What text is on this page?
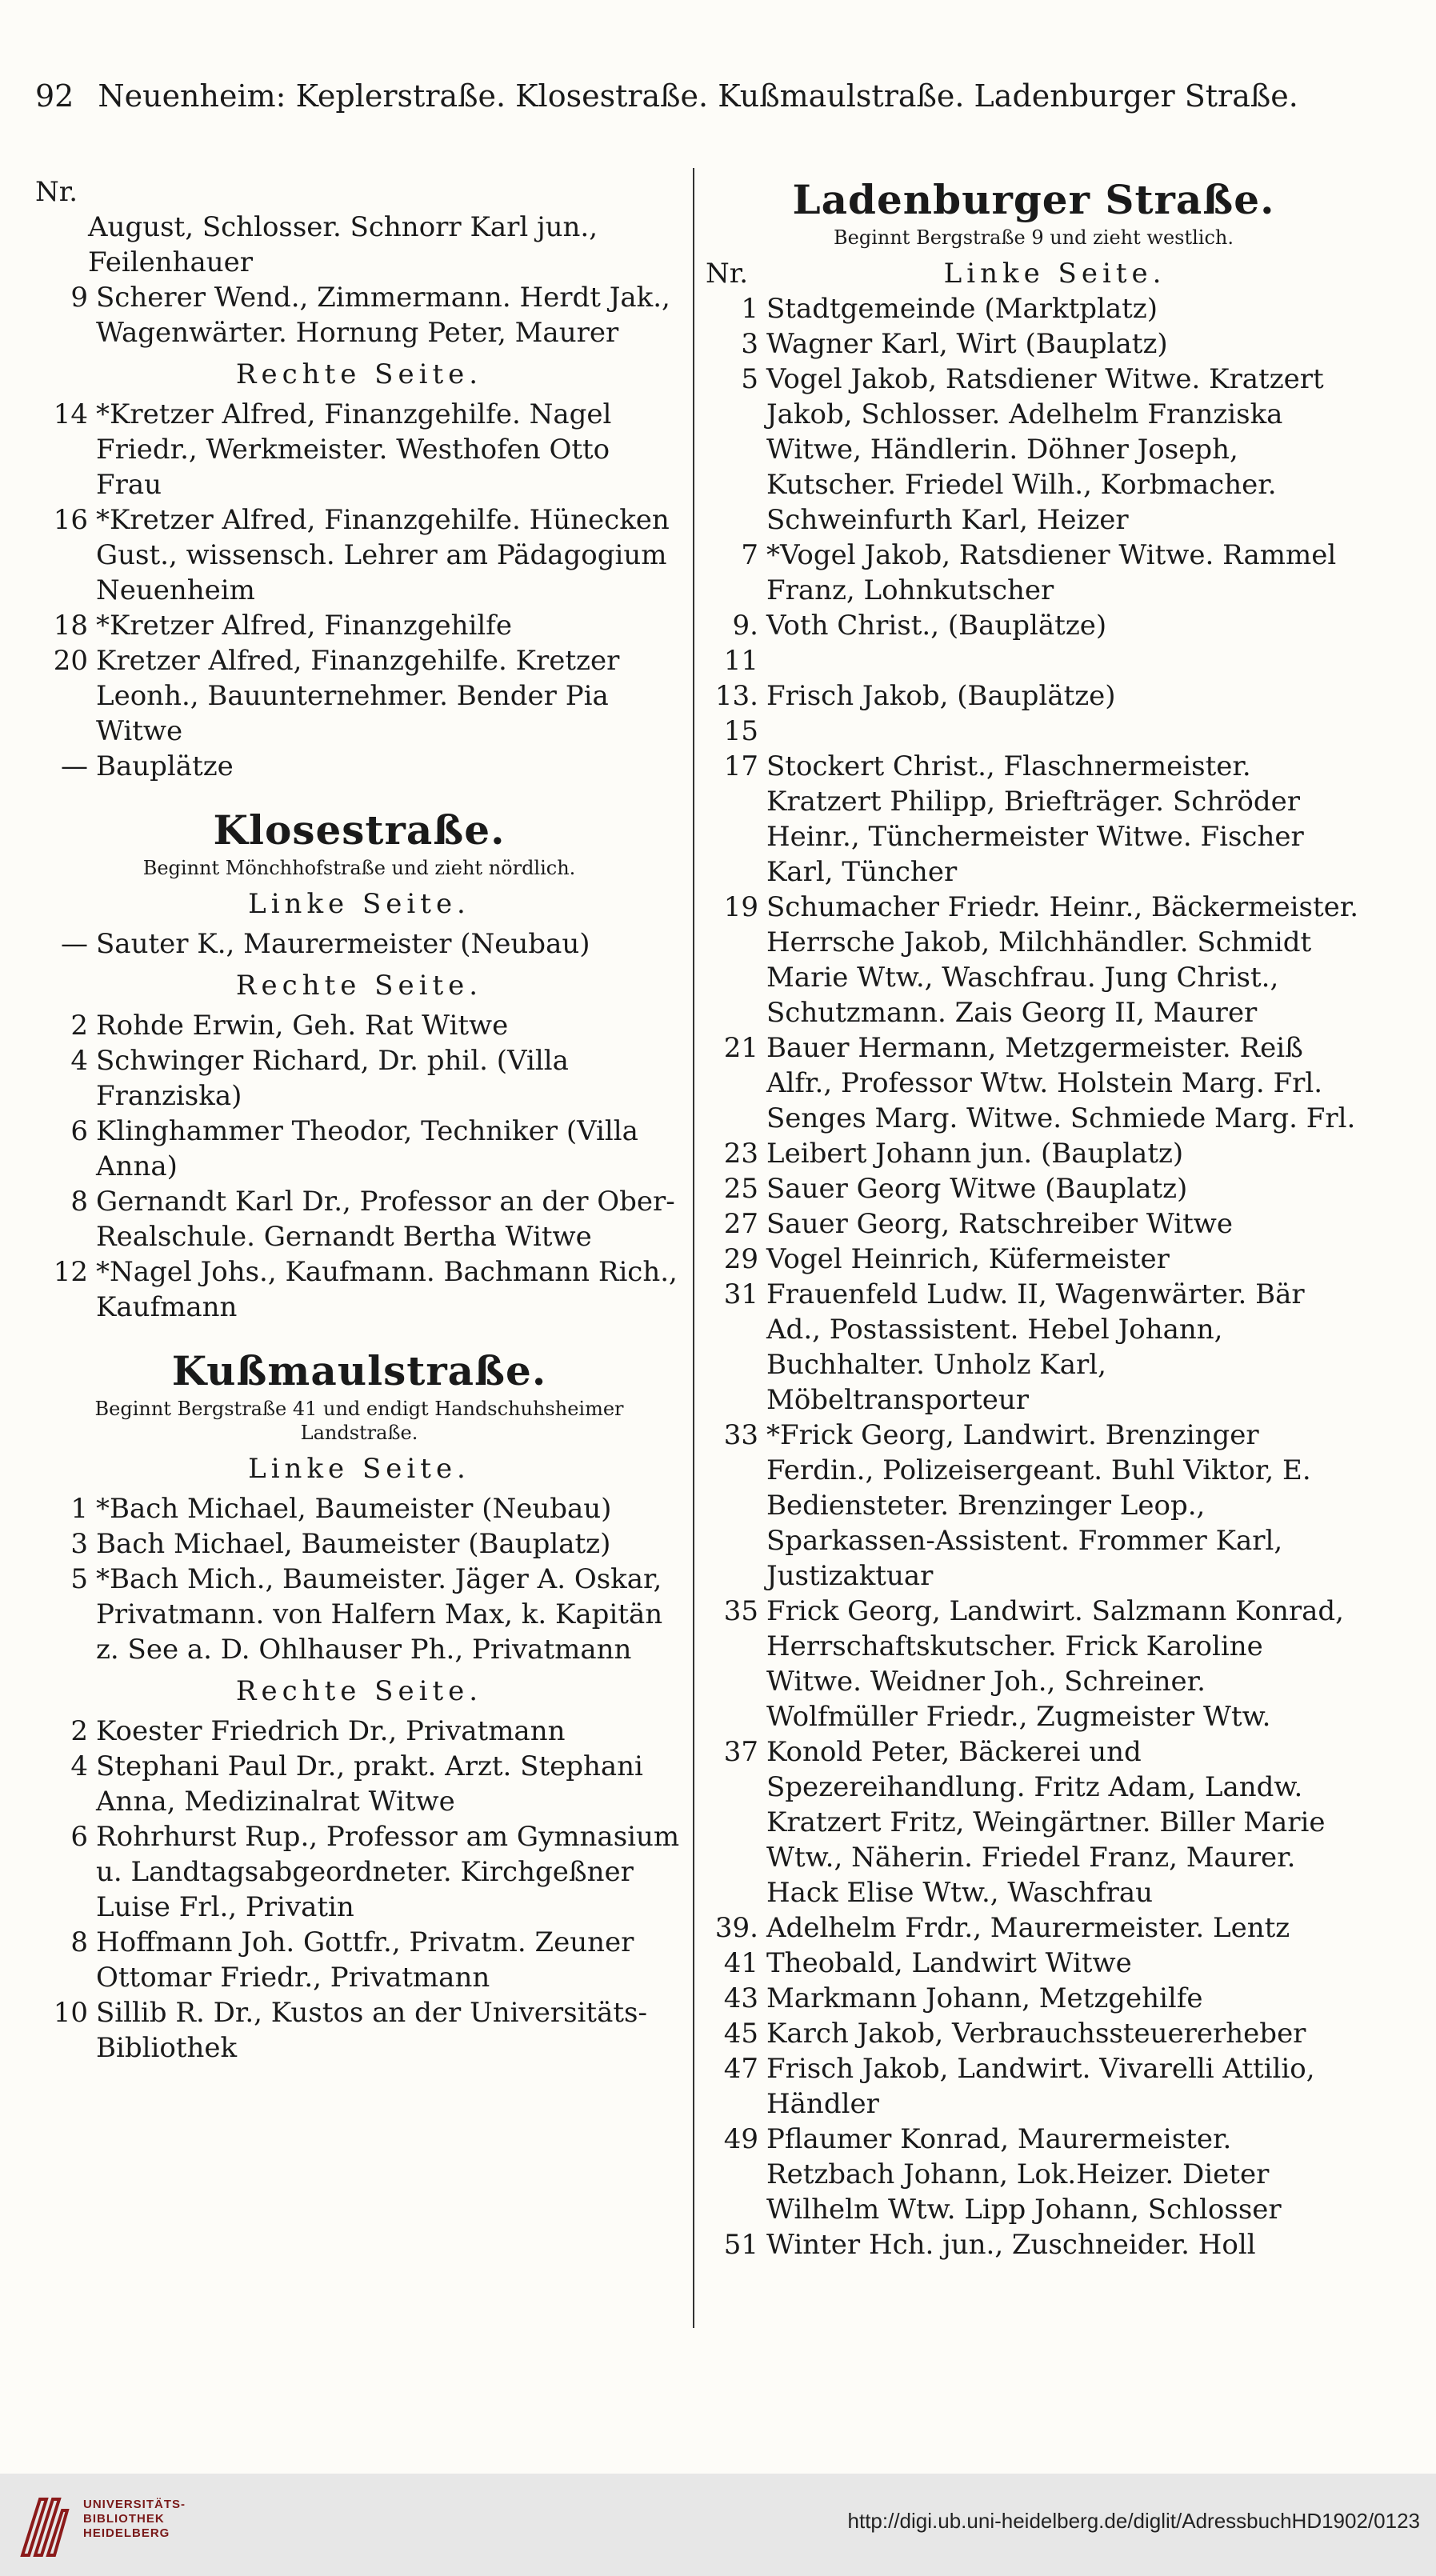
92 Neuenheim: Keplerstraße. Klosestraße. Kußmaulstraße. Ladenburger Straße.
Nr.
August, Schlosser. Schnorr Karl jun.,
Feilenhauer
9 Scherer Wend., Zimmermann. Herdt Jak., Wagenwärter. Hornung Peter, Maurer
Rechte Seite.
14 *Kretzer Alfred, Finanzgehilfe. Nagel Friedr., Werkmeister. Westhofen Otto Frau
16 *Kretzer Alfred, Finanzgehilfe. Hünecken Gust., wissensch. Lehrer am Pädagogium Neuenheim
18 *Kretzer Alfred, Finanzgehilfe
20 Kretzer Alfred, Finanzgehilfe. Kretzer Leonh., Bauunternehmer. Bender Pia Witwe
— Bauplätze
Klosestraße.
Beginnt Mönchhofstraße und zieht nördlich.
Linke Seite.
— Sauter K., Maurermeister (Neubau)
Rechte Seite.
2 Rohde Erwin, Geh. Rat Witwe
4 Schwinger Richard, Dr. phil. (Villa Franziska)
6 Klinghammer Theodor, Techniker (Villa Anna)
8 Gernandt Karl Dr., Professor an der Ober-Realschule. Gernandt Bertha Witwe
12 *Nagel Johs., Kaufmann. Bachmann Rich., Kaufmann
Kußmaulstraße.
Beginnt Bergstraße 41 und endigt Handschuhsheimer Landstraße.
Linke Seite.
1 *Bach Michael, Baumeister (Neubau)
3 Bach Michael, Baumeister (Bauplatz)
5 *Bach Mich., Baumeister. Jäger A. Oskar, Privatmann. von Halfern Max, k. Kapitän z. See a. D. Ohlhauser Ph., Privatmann
Rechte Seite.
2 Koester Friedrich Dr., Privatmann
4 Stephani Paul Dr., prakt. Arzt. Stephani Anna, Medizinalrat Witwe
6 Rohrhurst Rup., Professor am Gymnasium u. Landtagsabgeordneter. Kirchgeßner Luise Frl., Privatin
8 Hoffmann Joh. Gottfr., Privatm. Zeuner Ottomar Friedr., Privatmann
10 Sillib R. Dr., Kustos an der Universitäts-Bibliothek
Ladenburger Straße.
Beginnt Bergstraße 9 und zieht westlich.
Nr.	Linke Seite.
1 Stadtgemeinde (Marktplatz)
3 Wagner Karl, Wirt (Bauplatz)
5 Vogel Jakob, Ratsdiener Witwe. Kratzert Jakob, Schlosser. Adelhelm Franziska Witwe, Händlerin. Döhner Joseph, Kutscher. Friedel Wilh., Korbmacher. Schweinfurth Karl, Heizer
7 *Vogel Jakob, Ratsdiener Witwe. Rammel Franz, Lohnkutscher
9. 11
Voth Christ., (Bauplätze)
13. 15
Frisch Jakob, (Bauplätze)
17 Stockert Christ., Flaschnermeister. Kratzert Philipp, Briefträger. Schröder Heinr., Tünchermeister Witwe. Fischer Karl, Tüncher
19 Schumacher Friedr. Heinr., Bäckermeister. Herrsche Jakob, Milchhändler. Schmidt Marie Wtw., Waschfrau. Jung Christ., Schutzmann. Zais Georg II, Maurer
21 Bauer Hermann, Metzgermeister. Reiß Alfr., Professor Wtw. Holstein Marg. Frl. Senges Marg. Witwe. Schmiede Marg. Frl.
23 Leibert Johann jun. (Bauplatz)
25 Sauer Georg Witwe (Bauplatz)
27 Sauer Georg, Ratschreiber Witwe
29 Vogel Heinrich, Küfermeister
31 Frauenfeld Ludw. II, Wagenwärter. Bär Ad., Postassistent. Hebel Johann, Buchhalter. Unholz Karl, Möbeltransporteur
33 *Frick Georg, Landwirt. Brenzinger Ferdin., Polizeisergeant. Buhl Viktor, E. Bediensteter. Brenzinger Leop., Sparkassen-Assistent. Frommer Karl, Justizaktuar
35 Frick Georg, Landwirt. Salzmann Konrad, Herrschaftskutscher. Frick Karoline Witwe. Weidner Joh., Schreiner. Wolfmüller Friedr., Zugmeister Wtw.
37 Konold Peter, Bäckerei und Spezereihandlung. Fritz Adam, Landw. Kratzert Fritz, Weingärtner. Biller Marie Wtw., Näherin. Friedel Franz, Maurer. Hack Elise Wtw., Waschfrau
39. 41
Adelhelm Frdr., Maurermeister. Lentz Theobald, Landwirt Witwe
43 Markmann Johann, Metzgehilfe
45 Karch Jakob, Verbrauchssteuererheber
47 Frisch Jakob, Landwirt. Vivarelli Attilio, Händler
49 Pflaumer Konrad, Maurermeister. Retzbach Johann, Lok.Heizer. Dieter Wilhelm Wtw. Lipp Johann, Schlosser
51 Winter Hch. jun., Zuschneider. Holl
UNIVERSITÄTS-
BIBLIOTHEK
HEIDELBERG
http://digi.ub.uni-heidelberg.de/diglit/AdressbuchHD1902/0123
